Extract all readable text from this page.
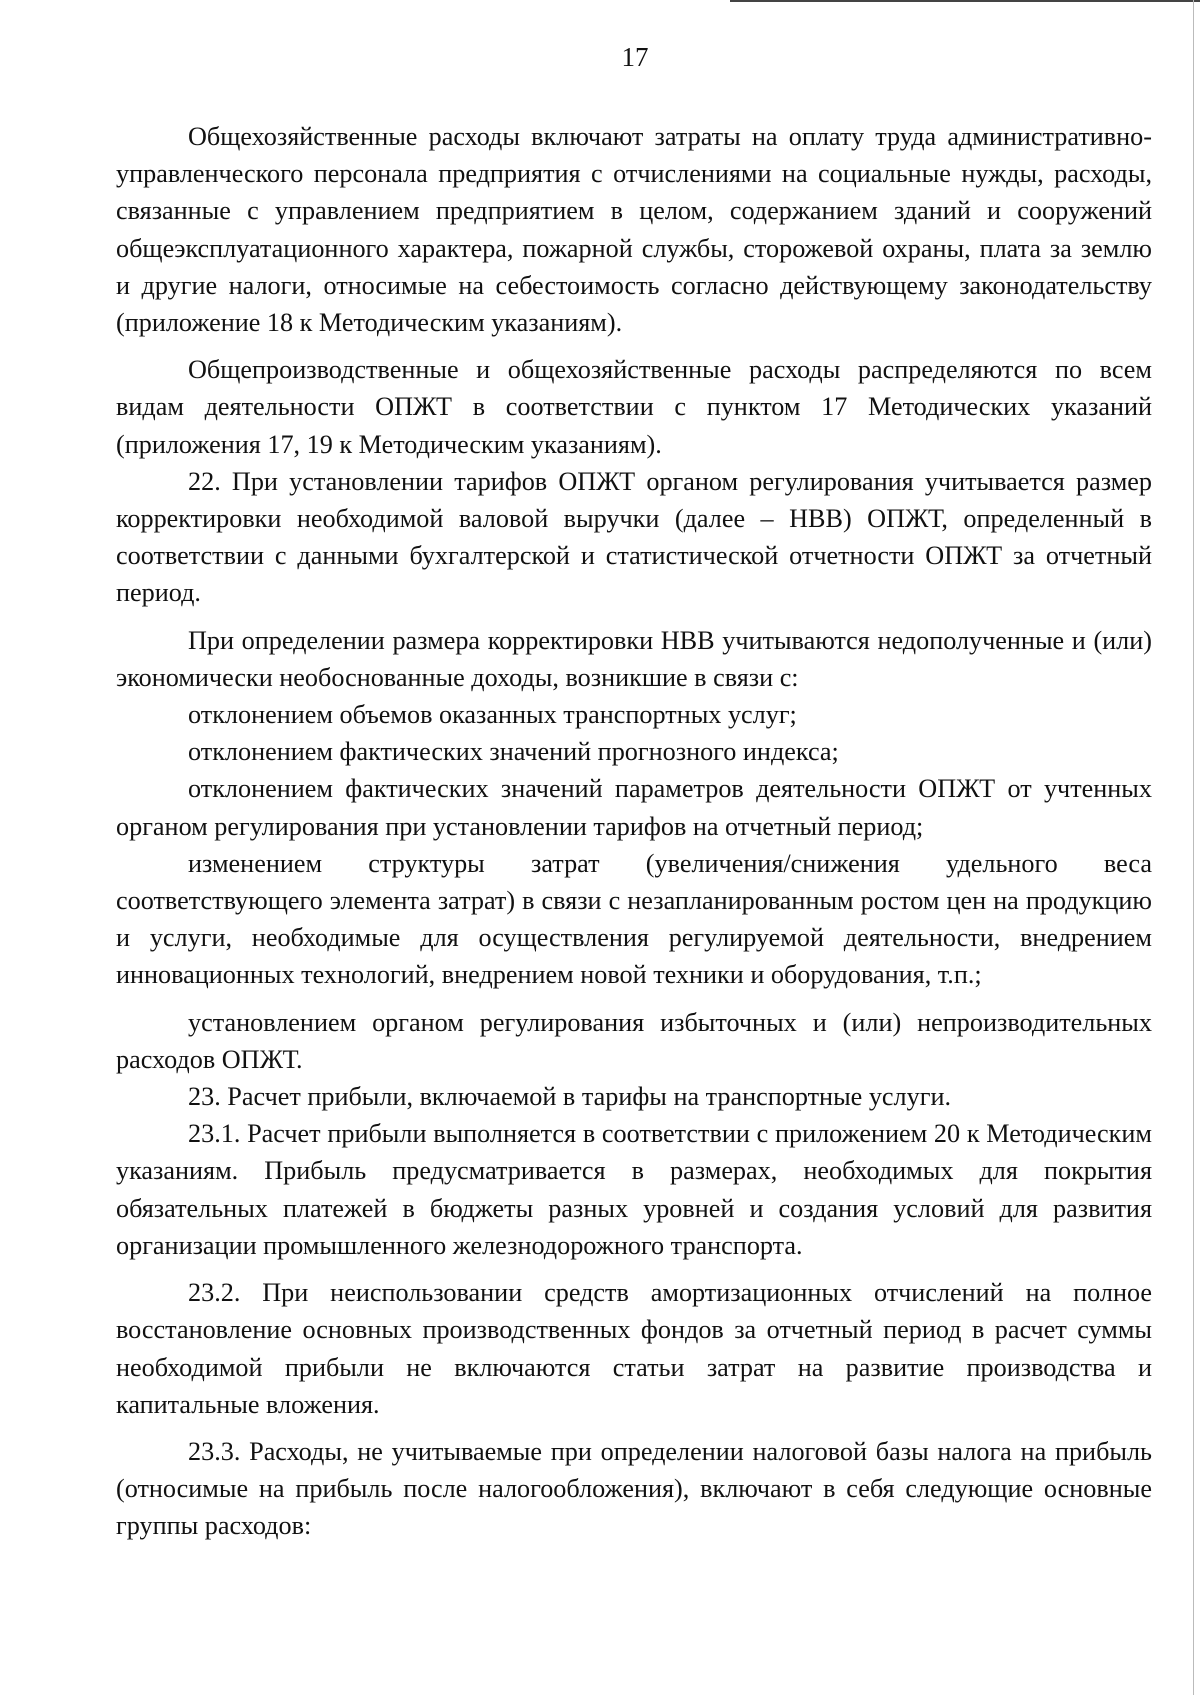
17

Общехозяйственные расходы включают затраты на оплату труда административно-управленческого персонала предприятия с отчислениями на социальные нужды, расходы, связанные с управлением предприятием в целом, содержанием зданий и сооружений общеэксплуатационного характера, пожарной службы, сторожевой охраны, плата за землю и другие налоги, относимые на себестоимость согласно действующему законодательству (приложение 18 к Методическим указаниям).

Общепроизводственные и общехозяйственные расходы распределяются по всем видам деятельности ОПЖТ в соответствии с пунктом 17 Методических указаний (приложения 17, 19 к Методическим указаниям).

22. При установлении тарифов ОПЖТ органом регулирования учитывается размер корректировки необходимой валовой выручки (далее – НВВ) ОПЖТ, определенный в соответствии с данными бухгалтерской и статистической отчетности ОПЖТ за отчетный период.

При определении размера корректировки НВВ учитываются недополученные и (или) экономически необоснованные доходы, возникшие в связи с:

отклонением объемов оказанных транспортных услуг;

отклонением фактических значений прогнозного индекса;

отклонением фактических значений параметров деятельности ОПЖТ от учтенных органом регулирования при установлении тарифов на отчетный период;

изменением структуры затрат (увеличения/снижения удельного веса соответствующего элемента затрат) в связи с незапланированным ростом цен на продукцию и услуги, необходимые для осуществления регулируемой деятельности, внедрением инновационных технологий, внедрением новой техники и оборудования, т.п.;

установлением органом регулирования избыточных и (или) непроизводительных расходов ОПЖТ.

23. Расчет прибыли, включаемой в тарифы на транспортные услуги.

23.1. Расчет прибыли выполняется в соответствии с приложением 20 к Методическим указаниям. Прибыль предусматривается в размерах, необходимых для покрытия обязательных платежей в бюджеты разных уровней и создания условий для развития организации промышленного железнодорожного транспорта.

23.2. При неиспользовании средств амортизационных отчислений на полное восстановление основных производственных фондов за отчетный период в расчет суммы необходимой прибыли не включаются статьи затрат на развитие производства и капитальные вложения.

23.3. Расходы, не учитываемые при определении налоговой базы налога на прибыль (относимые на прибыль после налогообложения), включают в себя следующие основные группы расходов:
